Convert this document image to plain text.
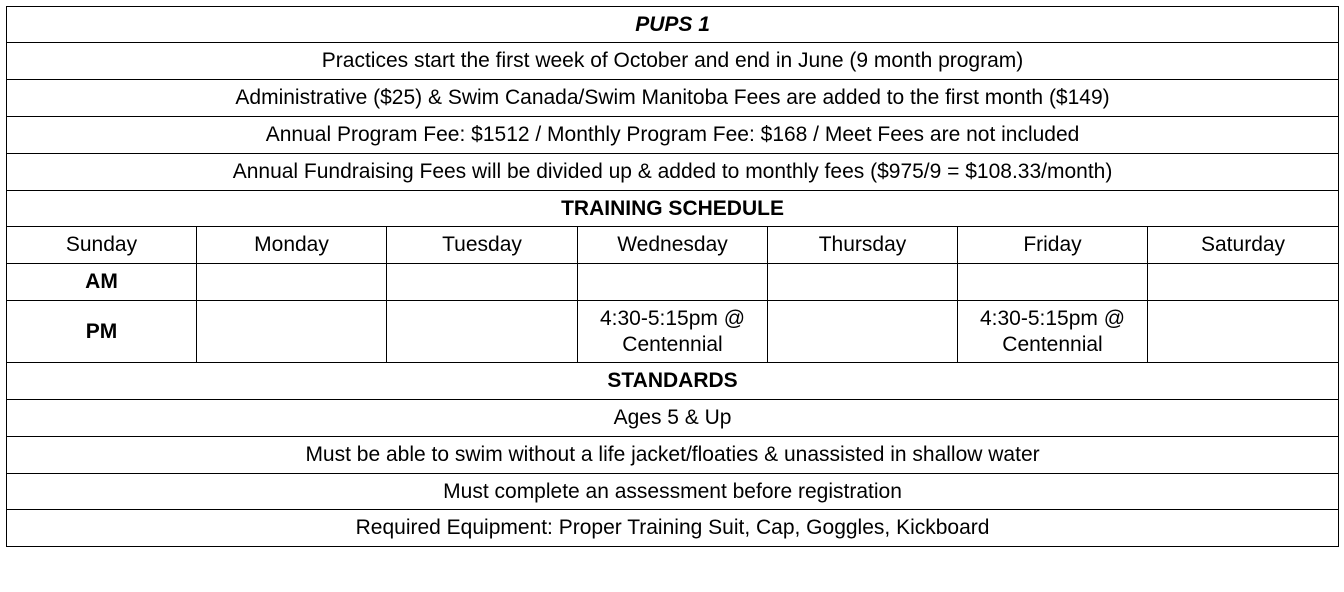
PUPS 1						
Practices start the first week of October and end in June (9 month program)						
Administrative ($25) & Swim Canada/Swim Manitoba Fees are added to the first month ($149)						
Annual Program Fee: $1512 / Monthly Program Fee: $168 / Meet Fees are not included						
Annual Fundraising Fees will be divided up & added to monthly fees ($975/9 = $108.33/month)						
TRAINING SCHEDULE						
Sunday	Monday	Tuesday	Wednesday	Thursday	Friday	Saturday
AM						
PM			4:30-5:15pm @ Centennial		4:30-5:15pm @ Centennial	
STANDARDS						
Ages 5 & Up						
Must be able to swim without a life jacket/floaties & unassisted in shallow water						
Must complete an assessment before registration						
Required Equipment: Proper Training Suit, Cap, Goggles, Kickboard						
